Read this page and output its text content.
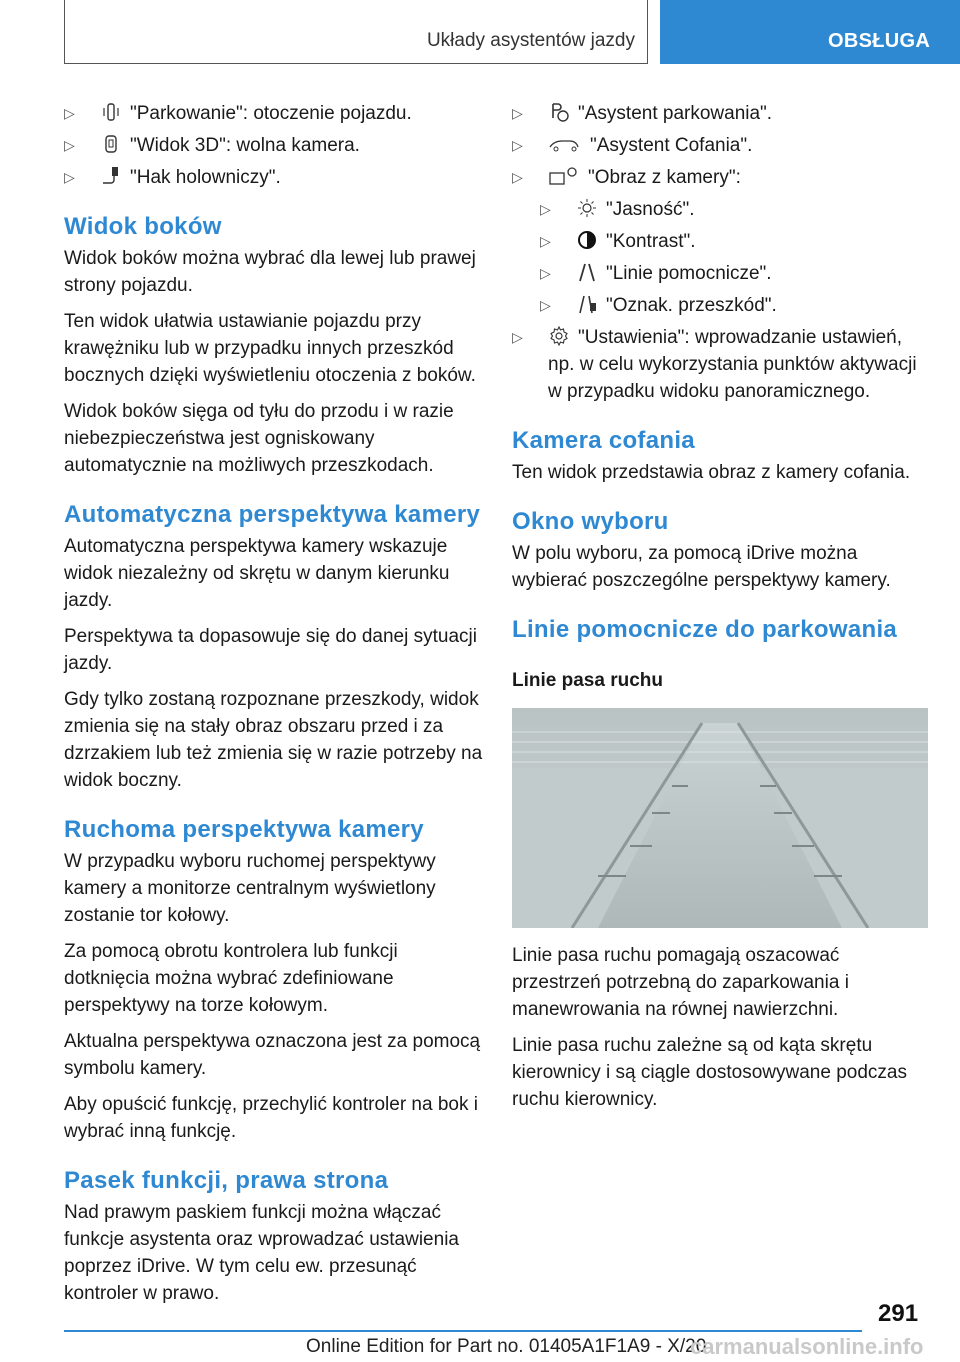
Układy asystentów jazdy	OBSŁUGA
▷	"Parkowanie": otoczenie pojazdu.
▷	"Widok 3D": wolna kamera.
▷	"Hak holowniczy".
Widok boków

Widok boków można wybrać dla lewej lub prawej strony pojazdu.

Ten widok ułatwia ustawianie pojazdu przy krawężniku lub w przypadku innych przeszkód bocznych dzięki wyświetleniu otoczenia z boków.

Widok boków sięga od tyłu do przodu i w razie niebezpieczeństwa jest ogniskowany automatycznie na możliwych przeszkodach.

Automatyczna perspektywa kamery

Automatyczna perspektywa kamery wskazuje widok niezależny od skrętu w danym kierunku jazdy.

Perspektywa ta dopasowuje się do danej sytuacji jazdy.

Gdy tylko zostaną rozpoznane przeszkody, widok zmienia się na stały obraz obszaru przed i za dzrzakiem lub też zmienia się w razie potrzeby na widok boczny.

Ruchoma perspektywa kamery

W przypadku wyboru ruchomej perspektywy kamery a monitorze centralnym wyświetlony zostanie tor kołowy.

Za pomocą obrotu kontrolera lub funkcji dotknięcia można wybrać zdefiniowane perspektywy na torze kołowym.

Aktualna perspektywa oznaczona jest za pomocą symbolu kamery.

Aby opuścić funkcję, przechylić kontroler na bok i wybrać inną funkcję.

Pasek funkcji, prawa strona

Nad prawym paskiem funkcji można włączać funkcje asystenta oraz wprowadzać ustawienia poprzez iDrive. W tym celu ew. przesunąć kontroler w prawo.

▷	"Asystent parkowania".
▷	"Asystent Cofania".
▷	"Obraz z kamery":
▷	"Jasność".
▷	"Kontrast".
▷	"Linie pomocnicze".
▷	"Oznak. przeszkód".
▷	"Ustawienia": wprowadzanie ustawień, np. w celu wykorzystania punktów aktywacji w przypadku widoku panoramicznego.
Kamera cofania

Ten widok przedstawia obraz z kamery cofania.

Okno wyboru

W polu wyboru, za pomocą iDrive można wybierać poszczególne perspektywy kamery.

Linie pomocnicze do parkowania
Linie pasa ruchu

Linie pasa ruchu pomagają oszacować przestrzeń potrzebną do zaparkowania i manewrowania na równej nawierzchni.

Linie pasa ruchu zależne są od kąta skrętu kierownicy i są ciągle dostosowywane podczas ruchu kierownicy.

291
Online Edition for Part no. 01405A1F1A9 - X/20
carmanualsonline.info
